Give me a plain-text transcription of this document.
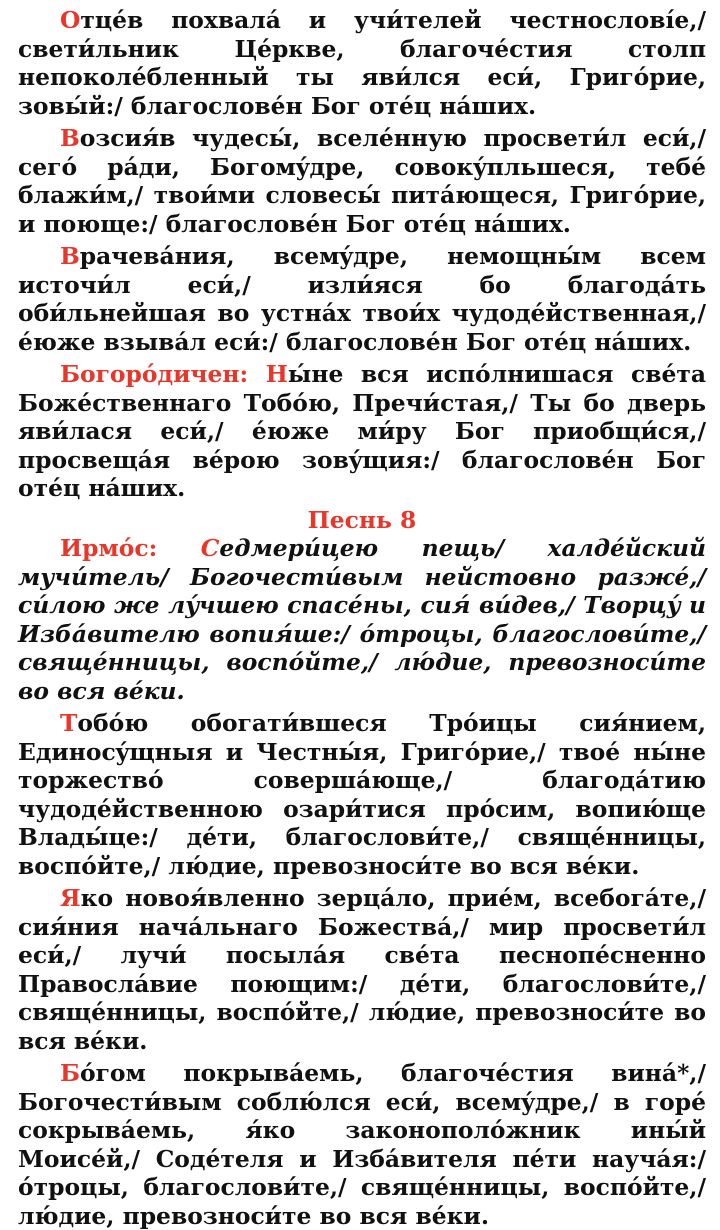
Отцéв похвалá и учи́телей честнословíе,/ свети́льник Цéркве, благочéстия столп непоколéбленный ты яви́лся еси́, Григóрие, зовы́й:/ благословéн Бог отéц нáших.

Возсия́в чудесы́, вселéнную просвети́л еси́,/ сегó рáди, Богомýдре, совокýпльшеся, тебé блажи́м,/ твои́ми словесы́ питáющеся, Григóрие, и поюще:/ благословéн Бог отéц нáших.

Врачевáния, всемýдре, немощны́м всем источи́л еси́,/ изли́яся бо благодáть оби́льнейшая во устнáх твои́х чудодéйственная,/ éюже взывáл еси́:/ благословéн Бог отéц нáших.

Богорóдичен: Ны́не вся испóлнишася свéта Божéственнаго Тобóю, Пречи́стая,/ Ты бо дверь яви́лася еси́,/ éюже ми́ру Бог приобщи́ся,/ просвещáя вéрою зовýщия:/ благословéн Бог отéц нáших.

Песнь 8

Ирмóс: Седмери́цею пещь/ халдéйский мучи́тель/ Богочести́вым нейстовно разжé,/ си́лою же лýчшею спасéны, сия́ ви́дев,/ Творцý и Избáвителю вопия́ше:/ óтроцы, благослови́те,/ свящéнницы, воспóйте,/ лю́дие, превозноси́те во вся вéки.

Тобóю обогати́вшеся Трóицы сия́нием, Единосýщныя и Честны́я, Григóрие,/ твоé ны́не торжествó совершáюще,/ благодáтию чудодéйственною озари́тися прóсим, вопию́ще Влады́це:/ дéти, благослови́те,/ свящéнницы, воспóйте,/ лю́дие, превозноси́те во вся вéки.

Яко новоя́вленно зерцáло, прие́м, всебогáте,/ сия́ния начáльнаго Божествá,/ мир просвети́л еси́,/ лучи́ посылáя свéта песнопéсненно Правослáвие поющим:/ дéти, благослови́те,/ свящéнницы, воспóйте,/ лю́дие, превозноси́те во вся вéки.

Бóгом покрывáемь, благочéстия винá*,/ Богочести́вым соблю́лся еси́, всемýдре,/ в горé сокрывáемь, я́ко законополóжник ины́й Моисéй,/ Содéтеля и Избáвителя пéти научáя:/ óтроцы, благослови́те,/ свящéнницы, воспóйте,/ лю́дие, превозноси́те во вся вéки.
